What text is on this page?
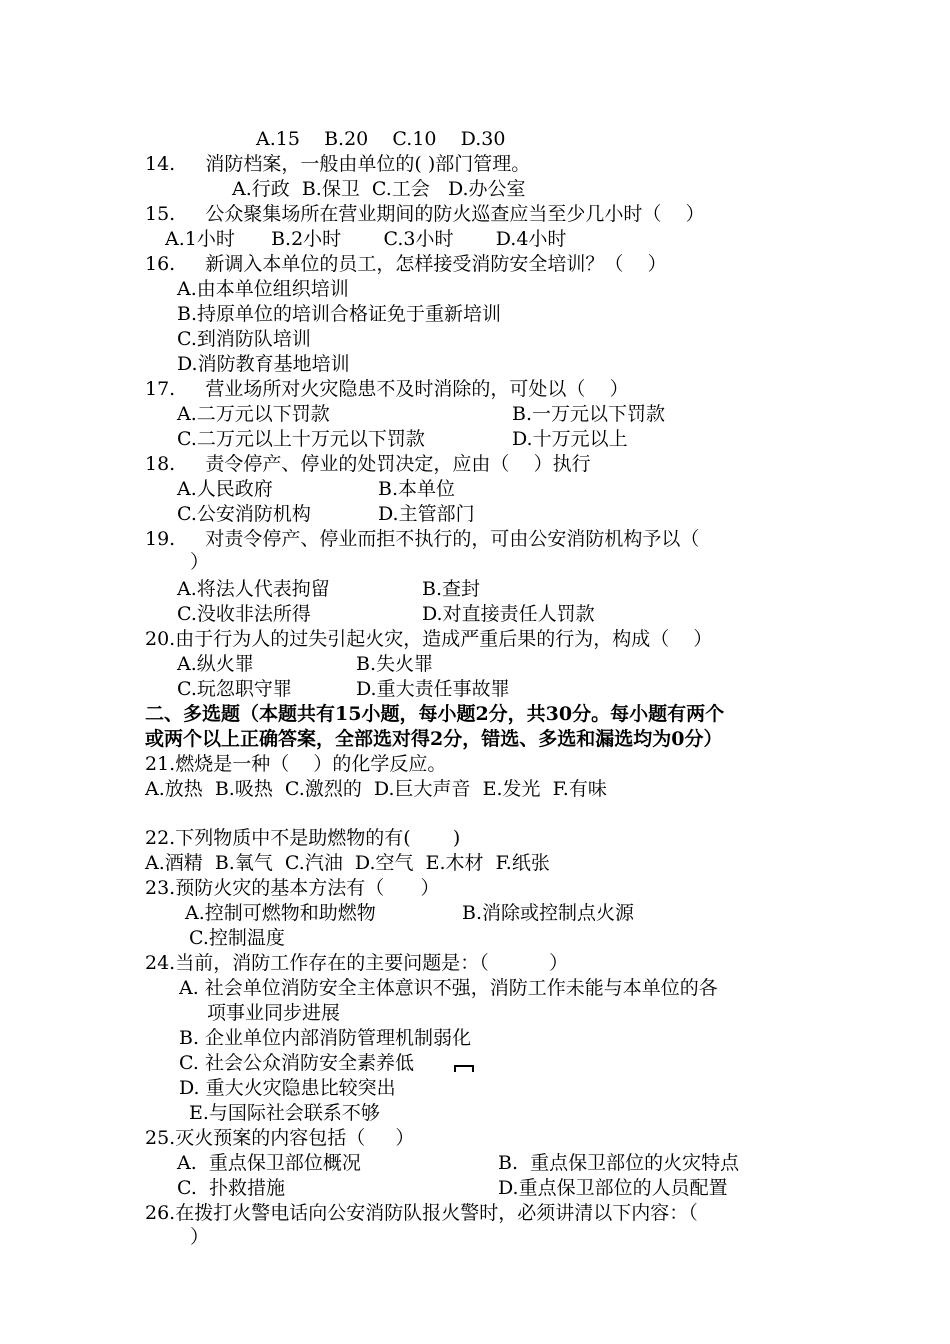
A.15    B.20    C.10    D.30
14.     消防档案，一般由单位的( )部门管理。
A.行政  B.保卫  C.工会   D.办公室
15.     公众聚集场所在营业期间的防火巡查应当至少几小时（    ）
A.1小时      B.2小时       C.3小时       D.4小时
16.     新调入本单位的员工，怎样接受消防安全培训？（    ）
A.由本单位组织培训
B.持原单位的培训合格证免于重新培训
C.到消防队培训
D.消防教育基地培训
17.     营业场所对火灾隐患不及时消除的，可处以（    ）
A.二万元以下罚款	B.一万元以下罚款
C.二万元以上十万元以下罚款	D.十万元以上
18.     责令停产、停业的处罚决定，应由（    ）执行
A.人民政府	B.本单位
C.公安消防机构	D.主管部门
19.     对责令停产、停业而拒不执行的，可由公安消防机构予以（
）
A.将法人代表拘留	B.查封
C.没收非法所得	D.对直接责任人罚款
20.由于行为人的过失引起火灾，造成严重后果的行为，构成（    ）
A.纵火罪	B.失火罪
C.玩忽职守罪	D.重大责任事故罪
二、多选题（本题共有15小题，每小题2分，共30分。每小题有两个
或两个以上正确答案，全部选对得2分，错选、多选和漏选均为0分）
21.燃烧是一种（    ）的化学反应。
A.放热  B.吸热  C.激烈的  D.巨大声音  E.发光  F.有味
22.下列物质中不是助燃物的有(       )
A.酒精  B.氧气  C.汽油  D.空气  E.木材  F.纸张
23.预防火灾的基本方法有（      ）
A.控制可燃物和助燃物	B.消除或控制点火源
C.控制温度
24.当前，消防工作存在的主要问题是：（          ）
A. 社会单位消防安全主体意识不强，消防工作未能与本单位的各
项事业同步进展
B. 企业单位内部消防管理机制弱化
C. 社会公众消防安全素养低
D. 重大火灾隐患比较突出
E.与国际社会联系不够
25.灭火预案的内容包括（     ）
A.  重点保卫部位概况	B.  重点保卫部位的火灾特点
C.  扑救措施	D.重点保卫部位的人员配置
26.在拨打火警电话向公安消防队报火警时，必须讲清以下内容：（
）
